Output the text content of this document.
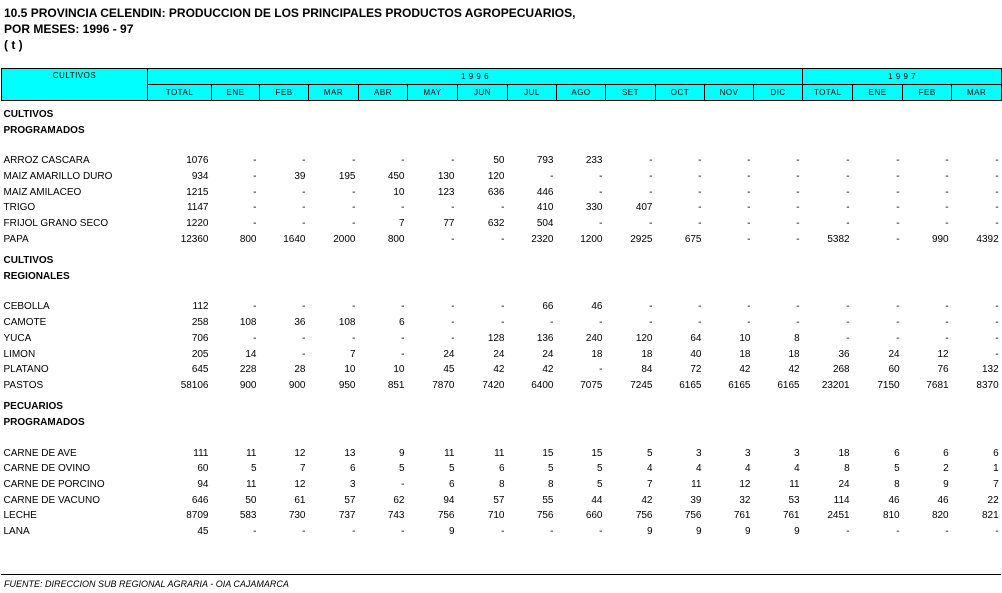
10.5 PROVINCIA CELENDIN: PRODUCCION DE LOS PRINCIPALES PRODUCTOS AGROPECUARIOS,
POR MESES: 1996 - 97
( t )
CULTIVOS	1 9 9 6													1 9 9 7			
	TOTAL	ENE	FEB	MAR	ABR	MAY	JUN	JUL	AGO	SET	OCT	NOV	DIC	TOTAL	ENE	FEB	MAR

CULTIVOS																	
PROGRAMADOS																	

ARROZ CASCARA	1076	-	-	-	-	-	50	793	233	-	-	-	-	-	-	-	-
MAIZ AMARILLO DURO	934	-	39	195	450	130	120	-	-	-	-	-	-	-	-	-	-
MAIZ AMILACEO	1215	-	-	-	10	123	636	446	-	-	-	-	-	-	-	-	-
TRIGO	1147	-	-	-	-	-	-	410	330	407	-	-	-	-	-	-	-
FRIJOL GRANO SECO	1220	-	-	-	7	77	632	504	-	-	-	-	-	-	-	-	-
PAPA	12360	800	1640	2000	800	-	-	2320	1200	2925	675	-	-	5382	-	990	4392

CULTIVOS																	
REGIONALES																	

CEBOLLA	112	-	-	-	-	-	-	66	46	-	-	-	-	-	-	-	-
CAMOTE	258	108	36	108	6	-	-	-	-	-	-	-	-	-	-	-	-
YUCA	706	-	-	-	-	-	128	136	240	120	64	10	8	-	-	-	-
LIMON	205	14	-	7	-	24	24	24	18	18	40	18	18	36	24	12	-
PLATANO	645	228	28	10	10	45	42	42	-	84	72	42	42	268	60	76	132
PASTOS	58106	900	900	950	851	7870	7420	6400	7075	7245	6165	6165	6165	23201	7150	7681	8370

PECUARIOS																	
PROGRAMADOS																	

CARNE DE AVE	111	11	12	13	9	11	11	15	15	5	3	3	3	18	6	6	6
CARNE DE OVINO	60	5	7	6	5	5	6	5	5	4	4	4	4	8	5	2	1
CARNE DE PORCINO	94	11	12	3	-	6	8	8	5	7	11	12	11	24	8	9	7
CARNE DE VACUNO	646	50	61	57	62	94	57	55	44	42	39	32	53	114	46	46	22
LECHE	8709	583	730	737	743	756	710	756	660	756	756	761	761	2451	810	820	821
LANA	45	-	-	-	-	9	-	-	-	9	9	9	9	-	-	-	-
FUENTE: DIRECCION SUB REGIONAL AGRARIA - OIA CAJAMARCA
